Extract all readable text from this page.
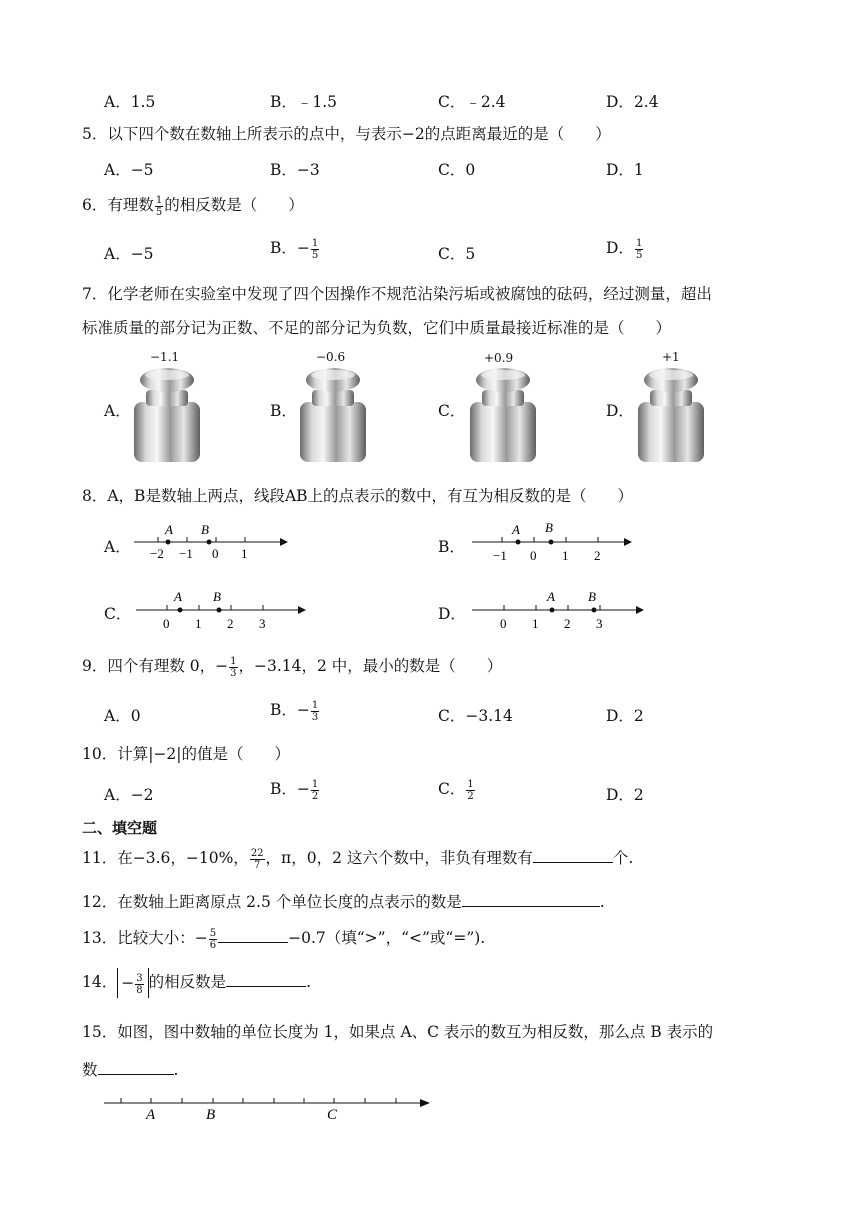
A．1.5	B．﹣1.5	C．﹣2.4	D．2.4
5．以下四个数在数轴上所表示的点中，与表示−2的点距离最近的是（　　）
A．−5	B．−3	C．0	D．1
6．有理数 $\frac{1}{5}$ 的相反数是（　　）
A．−5	B．− $\frac{1}{5}$	C．5	D． $\frac{1}{5}$
7．化学老师在实验室中发现了四个因操作不规范沾染污垢或被腐蚀的砝码，经过测量，超出
标准质量的部分记为正数、不足的部分记为负数，它们中质量最接近标准的是（　　）
A．
−1.1
B．
−0.6
C．
+0.9
D．
+1
8．A，B是数轴上两点，线段AB上的点表示的数中，有互为相反数的是（　　）
A．
A B
−2 −1 0 1	B．
A B
−1 0 1 2
C．
A B
0 1 2 3
D．
A	B
0 1 2 3
9．四个有理数 0，− $\frac{1}{3}$ ，−3.14，2 中，最小的数是（　　）
A．0	B．− $\frac{1}{3}$	C．−3.14	D．2
10．计算|−2|的值是（　　）
A．−2	B．− $\frac{1}{2}$	C． $\frac{1}{2}$	D．2
二、填空题
11．在−3.6，−10%， $\frac{22}{7}$ ，π，0，2 这六个数中，非负有理数有	个.
12．在数轴上距离原点 2.5 个单位长度的点表示的数是	.
13．比较大小：− $\frac{5}{6}$	−0.7（填“>”，“<”或“=”).
14． − $\frac{3}{8}$ 的相反数是	.
15．如图，图中数轴的单位长度为 1，如果点 A、C 表示的数互为相反数，那么点 B 表示的
数	.
A	B	C
